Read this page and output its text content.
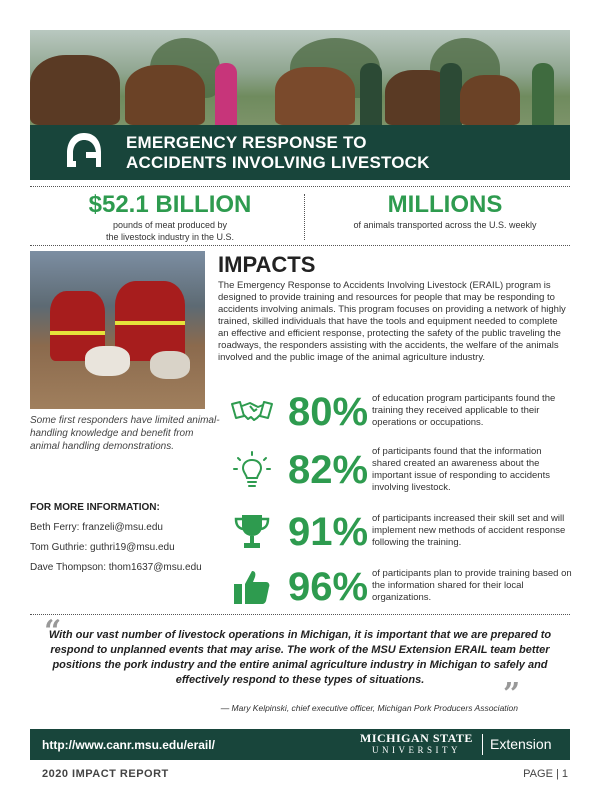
EMERGENCY RESPONSE TO
ACCIDENTS INVOLVING LIVESTOCK
$52.1 BILLION
pounds of meat produced by
the livestock industry in the U.S.
MILLIONS
of animals transported across the U.S. weekly
Some first responders have limited animal-handling knowledge and benefit from animal handling demonstrations.
FOR MORE INFORMATION:
Beth Ferry: franzeli@msu.edu
Tom Guthrie: guthri19@msu.edu
Dave Thompson: thom1637@msu.edu
IMPACTS
The Emergency Response to Accidents Involving Livestock (ERAIL) program is designed to provide training and resources for people that may be responding to accidents involving animals. This program focuses on providing a network of highly trained, skilled individuals that have the tools and equipment needed to complete an effective and efficient response, protecting the safety of the public traveling the roadways, the responders assisting with the accidents, the welfare of the animals involved and the public image of the animal agriculture industry.
80% of education program participants found the training they received applicable to their operations or occupations.
82% of participants found that the information shared created an awareness about the important issue of responding to accidents involving livestock.
91% of participants increased their skill set and will implement new methods of accident response following the training.
96% of participants plan to provide training based on the information shared for their local organizations.
“
With our vast number of livestock operations in Michigan, it is important that we are prepared to respond to unplanned events that may arise. The work of the MSU Extension ERAIL team better positions the pork industry and the entire animal agriculture industry in Michigan to safely and effectively respond to these types of situations.	”
— Mary Kelpinski, chief executive officer, Michigan Pork Producers Association
http://www.canr.msu.edu/erail/	MICHIGAN STATE
UNIVERSITY	Extension
2020 IMPACT REPORT	PAGE | 1
